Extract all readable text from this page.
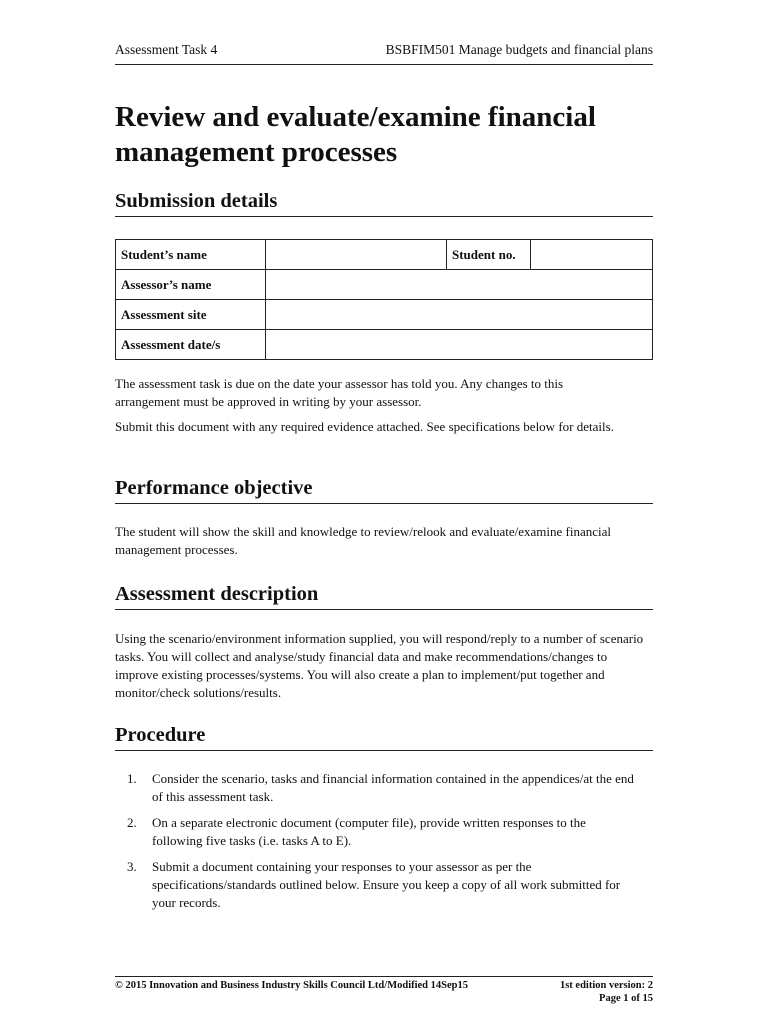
Assessment Task 4	BSBFIM501 Manage budgets and financial plans
Review and evaluate/examine financial management processes
Submission details
Student’s name		Student no.	
Assessor’s name			
Assessment site			
Assessment date/s			

The assessment task is due on the date your assessor has told you. Any changes to this arrangement must be approved in writing by your assessor.

Submit this document with any required evidence attached. See specifications below for details.

Performance objective

The student will show the skill and knowledge to review/relook and evaluate/examine financial management processes.

Assessment description

Using the scenario/environment information supplied, you will respond/reply to a number of scenario tasks. You will collect and analyse/study financial data and make recommendations/changes to improve existing processes/systems. You will also create a plan to implement/put together and monitor/check solutions/results.

Procedure
1. Consider the scenario, tasks and financial information contained in the appendices/at the end of this assessment task.
2. On a separate electronic document (computer file), provide written responses to the following five tasks (i.e. tasks A to E).
3. Submit a document containing your responses to your assessor as per the specifications/standards outlined below. Ensure you keep a copy of all work submitted for your records.
© 2015 Innovation and Business Industry Skills Council Ltd/Modified 14Sep15	1st edition version: 2
Page 1 of 15
